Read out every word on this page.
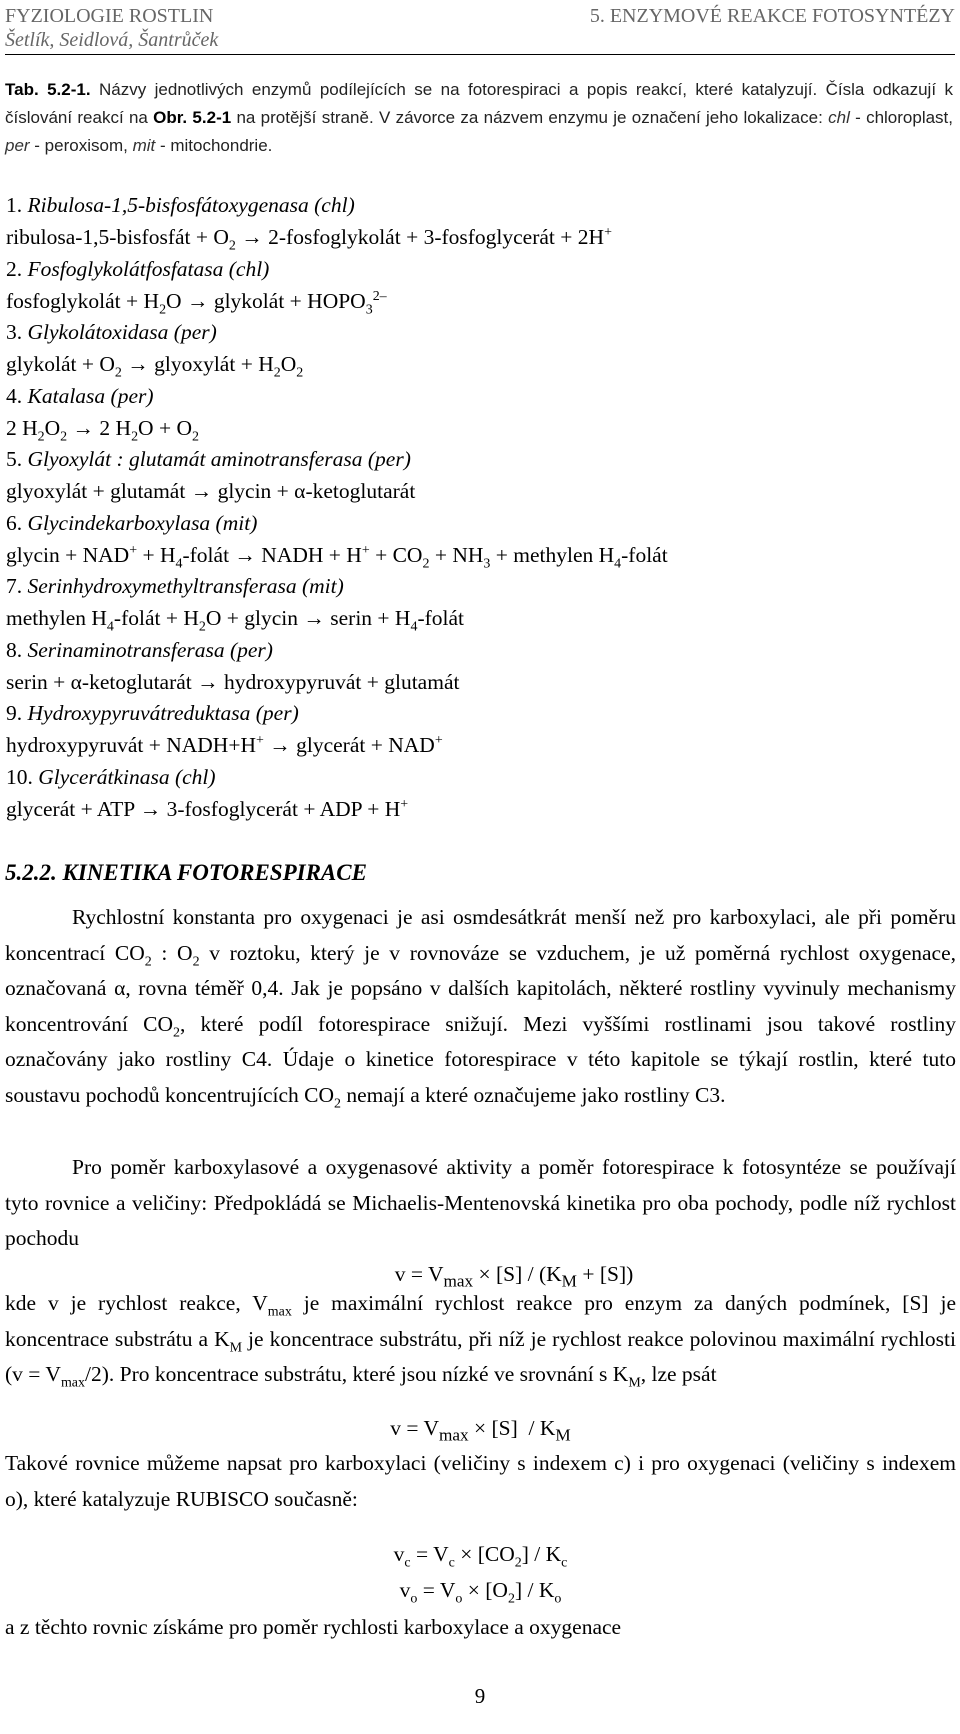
FYZIOLOGIE ROSTLIN	5. ENZYMOVÉ REAKCE FOTOSYNTÉZY
Šetlík, Seidlová, Šantrůček
Tab. 5.2-1. Názvy jednotlivých enzymů podílejících se na fotorespiraci a popis reakcí, které katalyzují. Čísla odkazují k číslování reakcí na Obr. 5.2-1 na protější straně. V závorce za názvem enzymu je označení jeho lokalizace: chl - chloroplast, per - peroxisom, mit - mitochondrie.
1. Ribulosa-1,5-bisfosfátoxygenasa (chl)
ribulosa-1,5-bisfosfát + $O_2$ → 2-fosfoglykolát + 3-fosfoglycerát + 2H+
2. Fosfoglykolátfosfatasa (chl)
fosfoglykolát + $H_2O$ → glykolát + $HOPO_3^{2-}$
3. Glykolátoxidasa (per)
glykolát + $O_2$ → glyoxylát + $H_2O_2$
4. Katalasa (per)
2 $H_2O_2 \to 2$ $H_2O + O_2$
5. Glyoxylát : glutamát aminotransferasa (per)
glyoxylát + glutamát → glycin + α-ketoglutarát
6. Glycindekarboxylasa (mit)
glycin + $NAD^+ + H_4$-folát → NADH + $H^+ + CO_2 + NH_3$ + methylen $H_4$-folát
7. Serinhydroxymethyltransferasa (mit)
methylen $H_4$-folát + $H_2O$ + glycin → serin + $H_4$-folát
8. Serinaminotransferasa (per)
serin + α-ketoglutarát → hydroxypyruvát + glutamát
9. Hydroxypyruvátreduktasa (per)
hydroxypyruvát + NADH+H+ → glycerát + NAD+
10. Glycerátkinasa (chl)
glycerát + ATP → 3-fosfoglycerát + ADP + H+
5.2.2. KINETIKA FOTORESPIRACE
Rychlostní konstanta pro oxygenaci je asi osmdesátkrát menší než pro karboxylaci, ale při poměru koncentrací $CO_2$ : $O_2$ v roztoku, který je v rovnováze se vzduchem, je už poměrná rychlost oxygenace, označovaná α, rovna téměř 0,4. Jak je popsáno v dalších kapitolách, některé rostliny vyvinuly mechanismy koncentrování $CO_2$, které podíl fotorespirace snižují. Mezi vyššími rostlinami jsou takové rostliny označovány jako rostliny C4. Údaje o kinetice fotorespirace v této kapitole se týkají rostlin, které tuto soustavu pochodů koncentrujících $CO_2$ nemají a které označujeme jako rostliny C3.
Pro poměr karboxylasové a oxygenasové aktivity a poměr fotorespirace k fotosyntéze se používají tyto rovnice a veličiny: Předpokládá se Michaelis-Mentenovská kinetika pro oba pochody, podle níž rychlost pochodu
$v = V_{max} \times [S] / (K_M + [S])$
kde v je rychlost reakce, $V_{max}$ je maximální rychlost reakce pro enzym za daných podmínek, [S] je koncentrace substrátu a $K_M$ je koncentrace substrátu, při níž je rychlost reakce polovinou maximální rychlosti $(v = V_{max}/2)$. Pro koncentrace substrátu, které jsou nízké ve srovnání s $K_M$, lze psát
$v = V_{max} \times [S] / K_M$
Takové rovnice můžeme napsat pro karboxylaci (veličiny s indexem c) i pro oxygenaci (veličiny s indexem o), které katalyzuje RUBISCO současně:
$v_c = V_c \times [CO_2] / K_c$
$v_o = V_o \times [O_2] / K_o$
a z těchto rovnic získáme pro poměr rychlosti karboxylace a oxygenace
9
